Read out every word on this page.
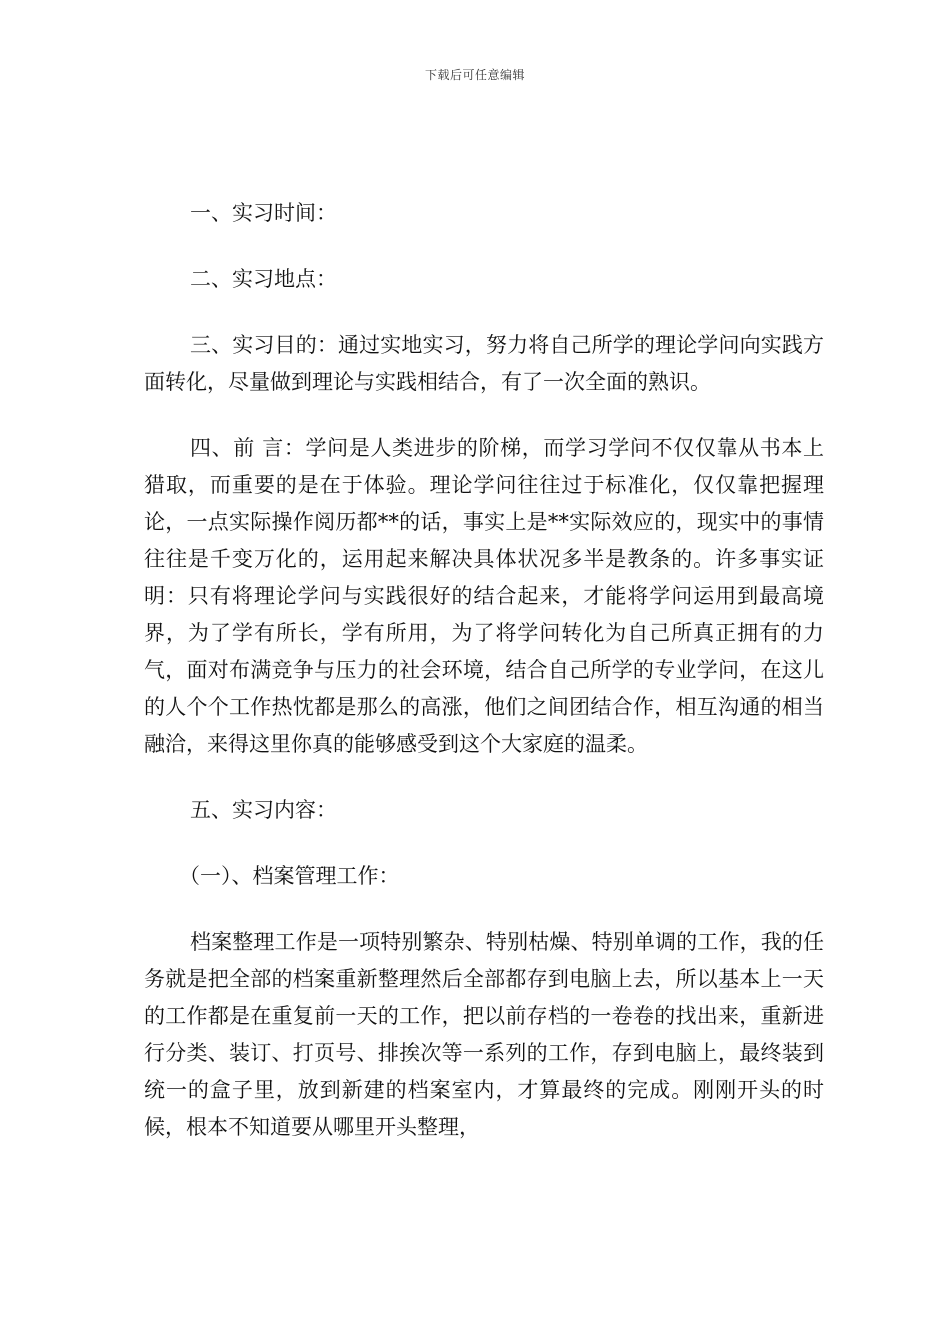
下载后可任意编辑

一、实习时间：

二、实习地点：

三、实习目的：通过实地实习，努力将自己所学的理论学问向实践方面转化，尽量做到理论与实践相结合，有了一次全面的熟识。

四、前 言：学问是人类进步的阶梯，而学习学问不仅仅靠从书本上猎取，而重要的是在于体验。理论学问往往过于标准化，仅仅靠把握理论，一点实际操作阅历都**的话，事实上是**实际效应的，现实中的事情往往是千变万化的，运用起来解决具体状况多半是教条的。许多事实证明：只有将理论学问与实践很好的结合起来，才能将学问运用到最高境界，为了学有所长，学有所用，为了将学问转化为自己所真正拥有的力气，面对布满竞争与压力的社会环境，结合自己所学的专业学问，在这儿的人个个工作热忱都是那么的高涨，他们之间团结合作，相互沟通的相当融洽，来得这里你真的能够感受到这个大家庭的温柔。

五、实习内容：

（一）、档案管理工作：

档案整理工作是一项特别繁杂、特别枯燥、特别单调的工作，我的任务就是把全部的档案重新整理然后全部都存到电脑上去，所以基本上一天的工作都是在重复前一天的工作，把以前存档的一卷卷的找出来，重新进行分类、装订、打页号、排挨次等一系列的工作，存到电脑上，最终装到统一的盒子里，放到新建的档案室内，才算最终的完成。刚刚开头的时候，根本不知道要从哪里开头整理，
